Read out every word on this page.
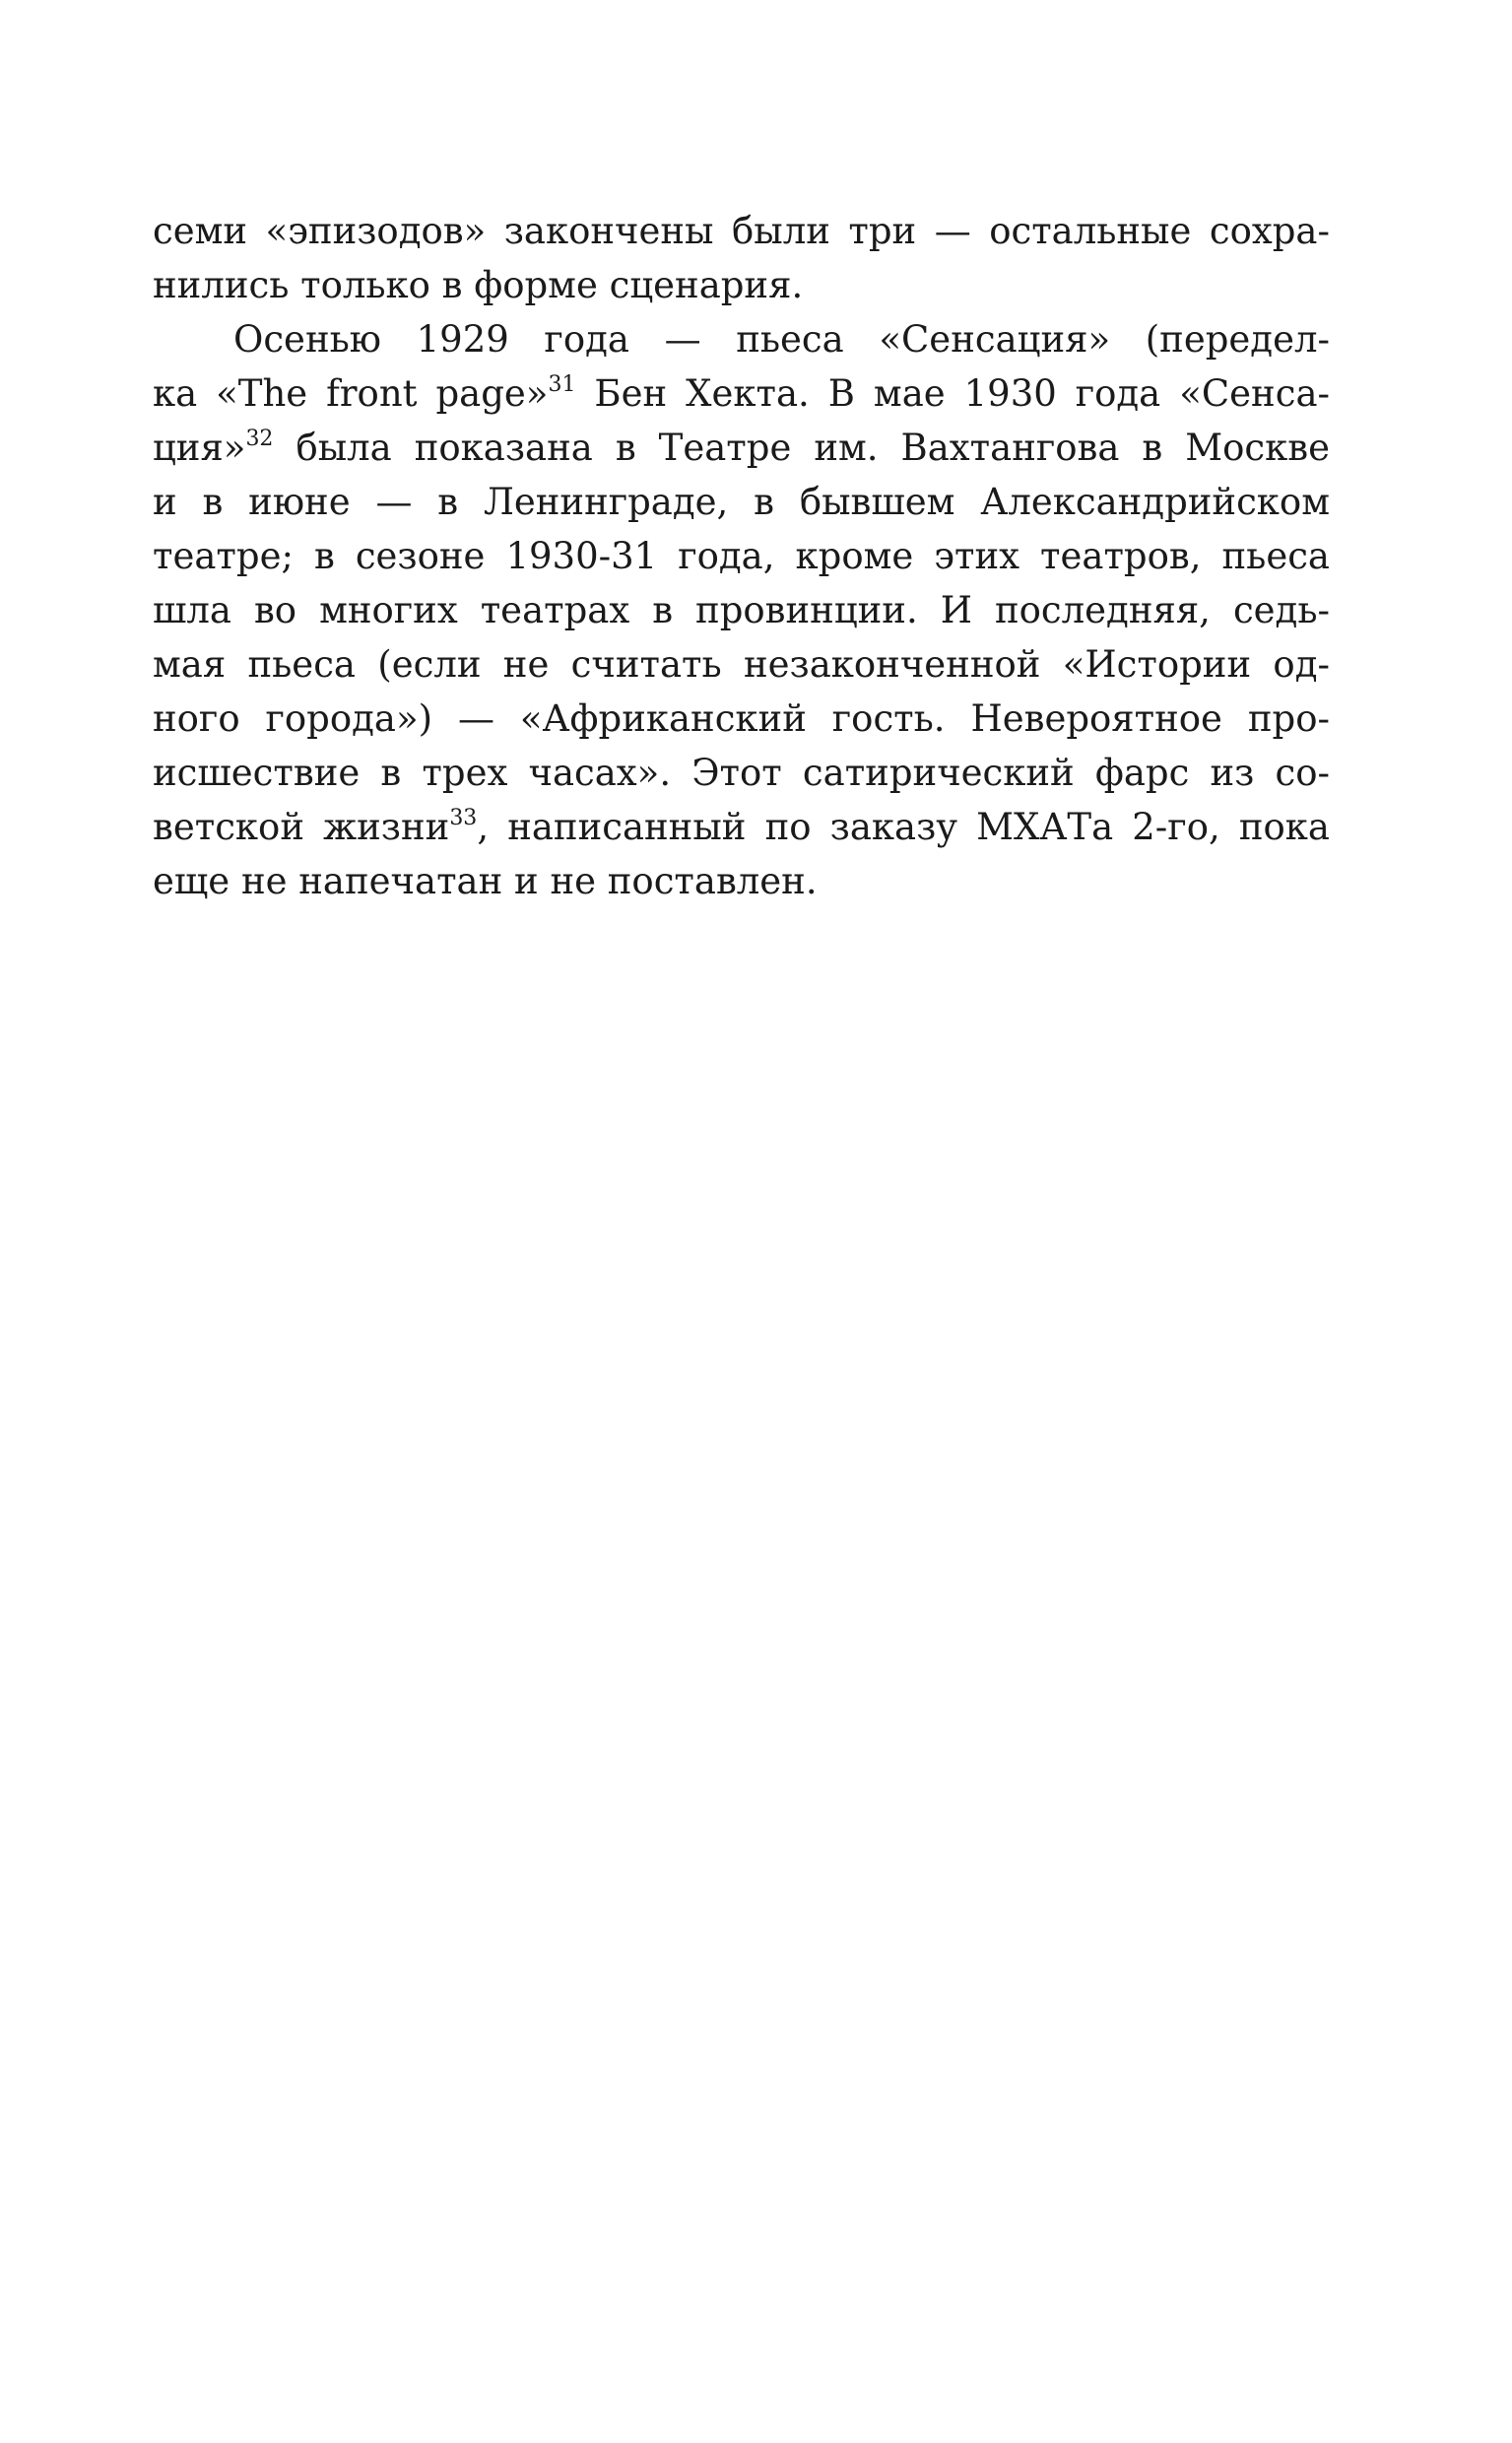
семи «эпизодов» закончены были три — остальные сохра-
нились только в форме сценария.
Осенью 1929 года — пьеса «Сенсация» (передел-
ка «The front page»$^{31}$ Бен Хекта. В мае 1930 года «Сенса-
ция»$^{32}$ была показана в Театре им. Вахтангова в Москве
и в июне — в Ленинграде, в бывшем Александрийском
театре; в сезоне 1930-31 года, кроме этих театров, пьеса
шла во многих театрах в провинции. И последняя, седь-
мая пьеса (если не считать незаконченной «Истории од-
ного города») — «Африканский гость. Невероятное про-
исшествие в трех часах». Этот сатирический фарс из со-
ветской жизни$^{33}$, написанный по заказу МХАТа 2-го, пока
еще не напечатан и не поставлен.
